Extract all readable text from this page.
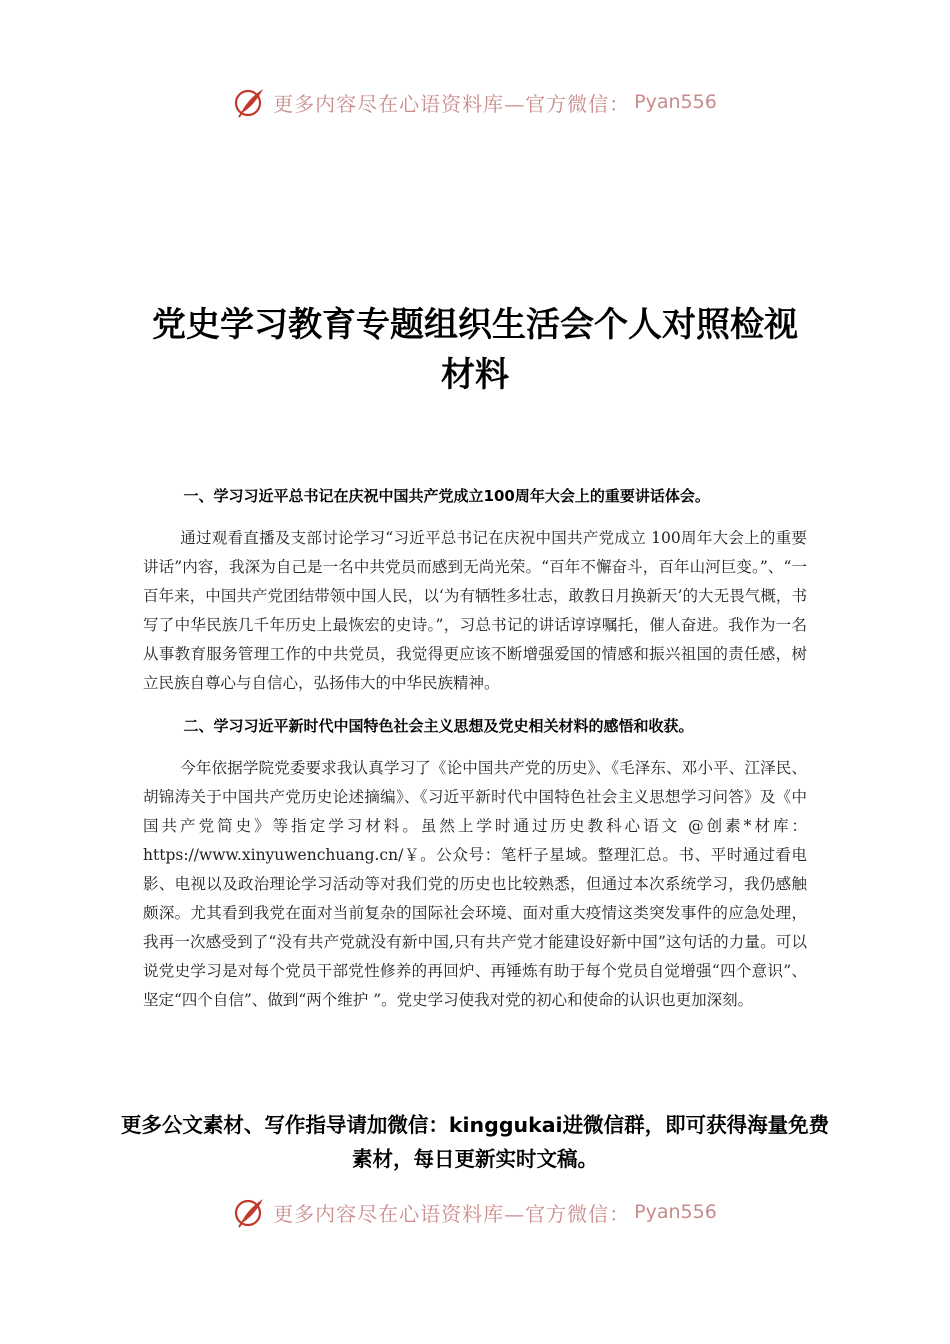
更多内容尽在心语资料库—官方微信： Pyan556
党史学习教育专题组织生活会个人对照检视材料

一、学习习近平总书记在庆祝中国共产党成立100周年大会上的重要讲话体会。

通过观看直播及支部讨论学习“习近平总书记在庆祝中国共产党成立 100周年大会上的重要讲话”内容，我深为自己是一名中共党员而感到无尚光荣。“百年不懈奋斗，百年山河巨变。”、“一百年来，中国共产党团结带领中国人民，以‘为有牺牲多壮志，敢教日月换新天’的大无畏气概，书写了中华民族几千年历史上最恢宏的史诗。”，习总书记的讲话谆谆嘱托，催人奋进。我作为一名从事教育服务管理工作的中共党员，我觉得更应该不断增强爱国的情感和振兴祖国的责任感，树立民族自尊心与自信心，弘扬伟大的中华民族精神。

二、学习习近平新时代中国特色社会主义思想及党史相关材料的感悟和收获。

今年依据学院党委要求我认真学习了《论中国共产党的历史》、《毛泽东、邓小平、江泽民、胡锦涛关于中国共产党历史论述摘编》、《习近平新时代中国特色社会主义思想学习问答》及《中国共产党简史》等指定学习材料。虽然上学时通过历史教科心语文 @创素*材库：https://www.xinyuwenchuang.cn/￥。公众号：笔杆子星域。整理汇总。书、平时通过看电影、电视以及政治理论学习活动等对我们党的历史也比较熟悉，但通过本次系统学习，我仍感触颇深。尤其看到我党在面对当前复杂的国际社会环境、面对重大疫情这类突发事件的应急处理，我再一次感受到了“没有共产党就没有新中国,只有共产党才能建设好新中国”这句话的力量。可以说党史学习是对每个党员干部党性修养的再回炉、再锤炼有助于每个党员自觉增强“四个意识”、坚定“四个自信”、做到“两个维护 ”。党史学习使我对党的初心和使命的认识也更加深刻。

更多公文素材、写作指导请加微信：kinggukai进微信群，即可获得海量免费素材，每日更新实时文稿。

更多内容尽在心语资料库—官方微信： Pyan556
